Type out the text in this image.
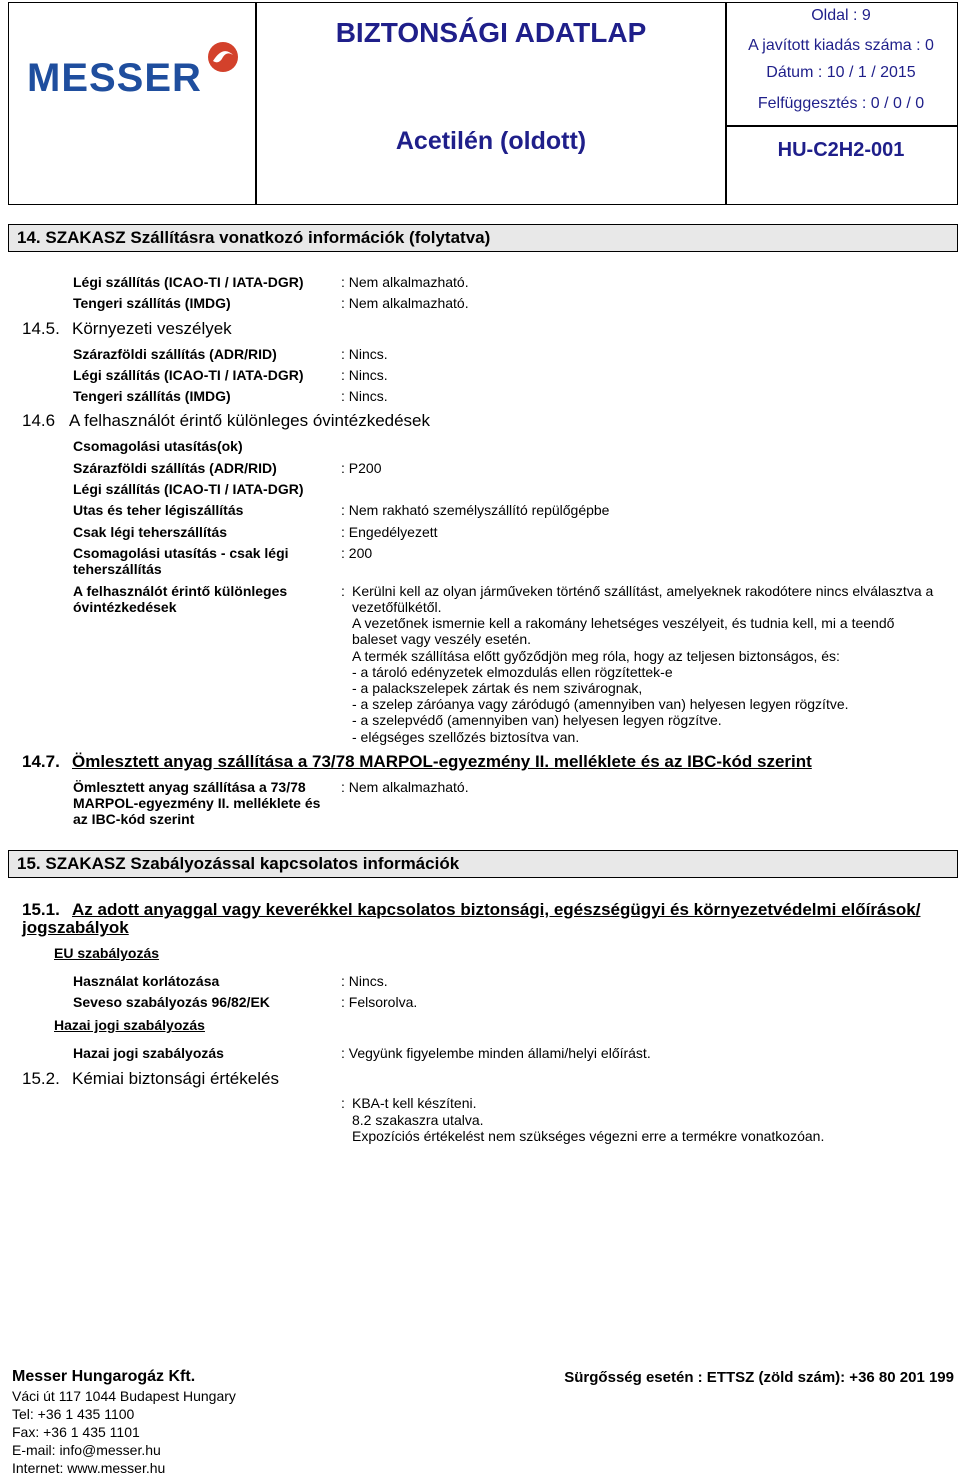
MESSER
BIZTONSÁGI ADATLAP
Acetilén (oldott)
Oldal : 9
A javított kiadás száma : 0
Dátum : 10 / 1 / 2015
Felfüggesztés : 0 / 0 / 0
HU-C2H2-001
14. SZAKASZ Szállításra vonatkozó információk (folytatva)
Légi szállítás (ICAO-TI / IATA-DGR)	: Nem alkalmazható.
Tengeri szállítás (IMDG)	: Nem alkalmazható.
14.5. Környezeti veszélyek
Szárazföldi szállítás (ADR/RID)	: Nincs.
Légi szállítás (ICAO-TI / IATA-DGR)	: Nincs.
Tengeri szállítás (IMDG)	: Nincs.
14.6 A felhasználót érintő különleges óvintézkedések
Csomagolási utasítás(ok)
Szárazföldi szállítás (ADR/RID)	: P200
Légi szállítás (ICAO-TI / IATA-DGR)
Utas és teher légiszállítás	: Nem rakható személyszállító repülőgépbe
Csak légi teherszállítás	: Engedélyezett
Csomagolási utasítás - csak légi
teherszállítás
: 200
A felhasználót érintő különleges
óvintézkedések
: Kerülni kell az olyan járműveken történő szállítást, amelyeknek rakodótere nincs elválasztva a
vezetőfülkétől.
A vezetőnek ismernie kell a rakomány lehetséges veszélyeit, és tudnia kell, mi a teendő
baleset vagy veszély esetén.
A termék szállítása előtt győződjön meg róla, hogy az teljesen biztonságos, és:
- a tároló edényzetek elmozdulás ellen rögzítettek-e
- a palackszelepek zártak és nem szivárognak,
- a szelep záróanya vagy záródugó (amennyiben van) helyesen legyen rögzítve.
- a szelepvédő (amennyiben van) helyesen legyen rögzítve.
- elégséges szellőzés biztosítva van.
14.7. Ömlesztett anyag szállítása a 73/78 MARPOL-egyezmény II. melléklete és az IBC-kód szerint
Ömlesztett anyag szállítása a 73/78
MARPOL-egyezmény II. melléklete és
az IBC-kód szerint
: Nem alkalmazható.
15. SZAKASZ Szabályozással kapcsolatos információk
15.1. Az adott anyaggal vagy keverékkel kapcsolatos biztonsági, egészségügyi és környezetvédelmi előírások/
jogszabályok
EU szabályozás
Használat korlátozása	: Nincs.
Seveso szabályozás 96/82/EK	: Felsorolva.
Hazai jogi szabályozás
Hazai jogi szabályozás	: Vegyünk figyelembe minden állami/helyi előírást.
15.2. Kémiai biztonsági értékelés
: KBA-t kell készíteni.
8.2 szakaszra utalva.
Expozíciós értékelést nem szükséges végezni erre a termékre vonatkozóan.
Messer Hungarogáz Kft.
Váci út 117 1044 Budapest Hungary
Tel: +36 1 435 1100
Fax: +36 1 435 1101
E-mail: info@messer.hu
Internet: www.messer.hu
Sürgősség esetén : ETTSZ (zöld szám): +36 80 201 199
